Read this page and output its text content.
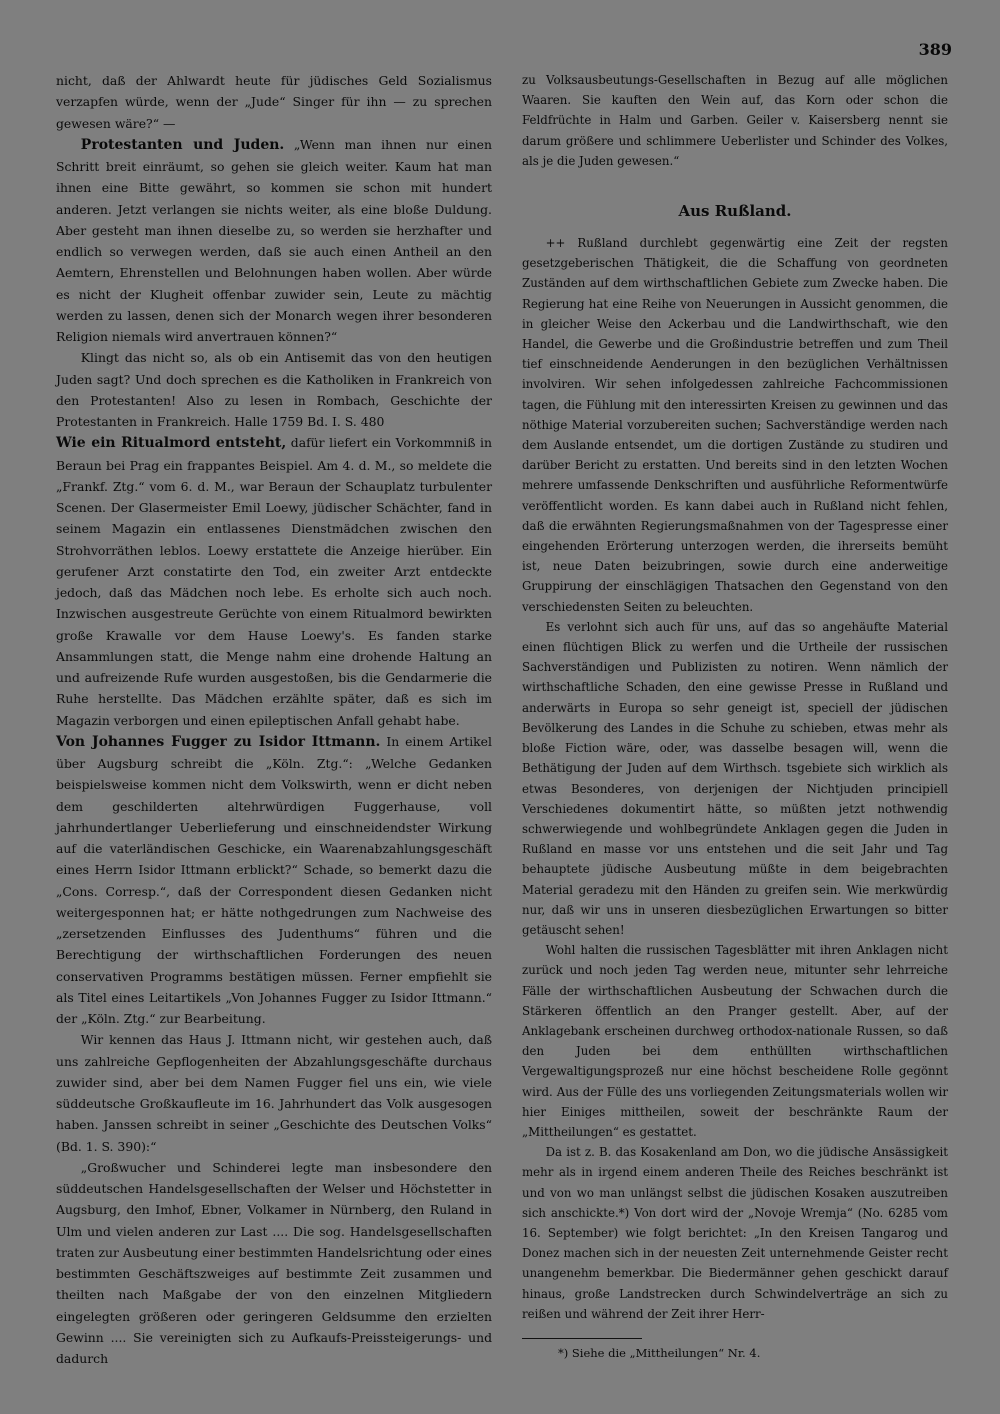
389

nicht, daß der Ahlwardt heute für jüdisches Geld Sozialismus verzapfen würde, wenn der „Jude“ Singer für ihn — zu sprechen gewesen wäre?“ —

Protestanten und Juden. „Wenn man ihnen nur einen Schritt breit einräumt, so gehen sie gleich weiter. Kaum hat man ihnen eine Bitte gewährt, so kommen sie schon mit hundert anderen. Jetzt verlangen sie nichts weiter, als eine bloße Duldung. Aber gesteht man ihnen dieselbe zu, so werden sie herzhafter und endlich so verwegen werden, daß sie auch einen Antheil an den Aemtern, Ehrenstellen und Belohnungen haben wollen. Aber würde es nicht der Klugheit offenbar zuwider sein, Leute zu mächtig werden zu lassen, denen sich der Monarch wegen ihrer besonderen Religion niemals wird anvertrauen können?“

Klingt das nicht so, als ob ein Antisemit das von den heutigen Juden sagt? Und doch sprechen es die Katholiken in Frankreich von den Protestanten! Also zu lesen in Rombach, Geschichte der Protestanten in Frankreich. Halle 1759 Bd. I. S. 480

Wie ein Ritualmord entsteht, dafür liefert ein Vorkommniß in Beraun bei Prag ein frappantes Beispiel. Am 4. d. M., so meldete die „Frankf. Ztg.“ vom 6. d. M., war Beraun der Schauplatz turbulenter Scenen. Der Glasermeister Emil Loewy, jüdischer Schächter, fand in seinem Magazin ein entlassenes Dienstmädchen zwischen den Strohvorräthen leblos. Loewy erstattete die Anzeige hierüber. Ein gerufener Arzt constatirte den Tod, ein zweiter Arzt entdeckte jedoch, daß das Mädchen noch lebe. Es erholte sich auch noch. Inzwischen ausgestreute Gerüchte von einem Ritualmord bewirkten große Krawalle vor dem Hause Loewy's. Es fanden starke Ansammlungen statt, die Menge nahm eine drohende Haltung an und aufreizende Rufe wurden ausgestoßen, bis die Gendarmerie die Ruhe herstellte. Das Mädchen erzählte später, daß es sich im Magazin verborgen und einen epileptischen Anfall gehabt habe.

Von Johannes Fugger zu Isidor Ittmann. In einem Artikel über Augsburg schreibt die „Köln. Ztg.“: „Welche Gedanken beispielsweise kommen nicht dem Volkswirth, wenn er dicht neben dem geschilderten altehrwürdigen Fuggerhause, voll jahrhundertlanger Ueberlieferung und einschneidendster Wirkung auf die vaterländischen Geschicke, ein Waarenabzahlungsgeschäft eines Herrn Isidor Ittmann erblickt?“ Schade, so bemerkt dazu die „Cons. Corresp.“, daß der Correspondent diesen Gedanken nicht weitergesponnen hat; er hätte nothgedrungen zum Nachweise des „zersetzenden Einflusses des Judenthums“ führen und die Berechtigung der wirthschaftlichen Forderungen des neuen conservativen Programms bestätigen müssen. Ferner empfiehlt sie als Titel eines Leitartikels „Von Johannes Fugger zu Isidor Ittmann.“ der „Köln. Ztg.“ zur Bearbeitung.

Wir kennen das Haus J. Ittmann nicht, wir gestehen auch, daß uns zahlreiche Gepflogenheiten der Abzahlungsgeschäfte durchaus zuwider sind, aber bei dem Namen Fugger fiel uns ein, wie viele süddeutsche Großkaufleute im 16. Jahrhundert das Volk ausgesogen haben. Janssen schreibt in seiner „Geschichte des Deutschen Volks“ (Bd. 1. S. 390):“

„Großwucher und Schinderei legte man insbesondere den süddeutschen Handelsgesellschaften der Welser und Höchstetter in Augsburg, den Imhof, Ebner, Volkamer in Nürnberg, den Ruland in Ulm und vielen anderen zur Last .... Die sog. Handelsgesellschaften traten zur Ausbeutung einer bestimmten Handelsrichtung oder eines bestimmten Geschäftszweiges auf bestimmte Zeit zusammen und theilten nach Maßgabe der von den einzelnen Mitgliedern eingelegten größeren oder geringeren Geldsumme den erzielten Gewinn .... Sie vereinigten sich zu Aufkaufs-Preissteigerungs- und dadurch

zu Volksausbeutungs-Gesellschaften in Bezug auf alle möglichen Waaren. Sie kauften den Wein auf, das Korn oder schon die Feldfrüchte in Halm und Garben. Geiler v. Kaisersberg nennt sie darum größere und schlimmere Ueberlister und Schinder des Volkes, als je die Juden gewesen.“

Aus Rußland.

++ Rußland durchlebt gegenwärtig eine Zeit der regsten gesetzgeberischen Thätigkeit, die die Schaffung von geordneten Zuständen auf dem wirthschaftlichen Gebiete zum Zwecke haben. Die Regierung hat eine Reihe von Neuerungen in Aussicht genommen, die in gleicher Weise den Ackerbau und die Landwirthschaft, wie den Handel, die Gewerbe und die Großindustrie betreffen und zum Theil tief einschneidende Aenderungen in den bezüglichen Verhältnissen involviren. Wir sehen infolgedessen zahlreiche Fachcommissionen tagen, die Fühlung mit den interessirten Kreisen zu gewinnen und das nöthige Material vorzubereiten suchen; Sachverständige werden nach dem Auslande entsendet, um die dortigen Zustände zu studiren und darüber Bericht zu erstatten. Und bereits sind in den letzten Wochen mehrere umfassende Denkschriften und ausführliche Reformentwürfe veröffentlicht worden. Es kann dabei auch in Rußland nicht fehlen, daß die erwähnten Regierungsmaßnahmen von der Tagespresse einer eingehenden Erörterung unterzogen werden, die ihrerseits bemüht ist, neue Daten beizubringen, sowie durch eine anderweitige Gruppirung der einschlägigen Thatsachen den Gegenstand von den verschiedensten Seiten zu beleuchten.

Es verlohnt sich auch für uns, auf das so angehäufte Material einen flüchtigen Blick zu werfen und die Urtheile der russischen Sachverständigen und Publizisten zu notiren. Wenn nämlich der wirthschaftliche Schaden, den eine gewisse Presse in Rußland und anderwärts in Europa so sehr geneigt ist, speciell der jüdischen Bevölkerung des Landes in die Schuhe zu schieben, etwas mehr als bloße Fiction wäre, oder, was dasselbe besagen will, wenn die Bethätigung der Juden auf dem Wirthsch. tsgebiete sich wirklich als etwas Besonderes, von derjenigen der Nichtjuden principiell Verschiedenes dokumentirt hätte, so müßten jetzt nothwendig schwerwiegende und wohlbegründete Anklagen gegen die Juden in Rußland en masse vor uns entstehen und die seit Jahr und Tag behauptete jüdische Ausbeutung müßte in dem beigebrachten Material geradezu mit den Händen zu greifen sein. Wie merkwürdig nur, daß wir uns in unseren diesbezüglichen Erwartungen so bitter getäuscht sehen!

Wohl halten die russischen Tagesblätter mit ihren Anklagen nicht zurück und noch jeden Tag werden neue, mitunter sehr lehrreiche Fälle der wirthschaftlichen Ausbeutung der Schwachen durch die Stärkeren öffentlich an den Pranger gestellt. Aber, auf der Anklagebank erscheinen durchweg orthodox-nationale Russen, so daß den Juden bei dem enthüllten wirthschaftlichen Vergewaltigungsprozeß nur eine höchst bescheidene Rolle gegönnt wird. Aus der Fülle des uns vorliegenden Zeitungsmaterials wollen wir hier Einiges mittheilen, soweit der beschränkte Raum der „Mittheilungen“ es gestattet.

Da ist z. B. das Kosakenland am Don, wo die jüdische Ansässigkeit mehr als in irgend einem anderen Theile des Reiches beschränkt ist und von wo man unlängst selbst die jüdischen Kosaken auszutreiben sich anschickte.*) Von dort wird der „Novoje Wremja“ (No. 6285 vom 16. September) wie folgt berichtet: „In den Kreisen Tangarog und Donez machen sich in der neuesten Zeit unternehmende Geister recht unangenehm bemerkbar. Die Biedermänner gehen geschickt darauf hinaus, große Landstrecken durch Schwindelverträge an sich zu reißen und während der Zeit ihrer Herr-

*) Siehe die „Mittheilungen“ Nr. 4.
